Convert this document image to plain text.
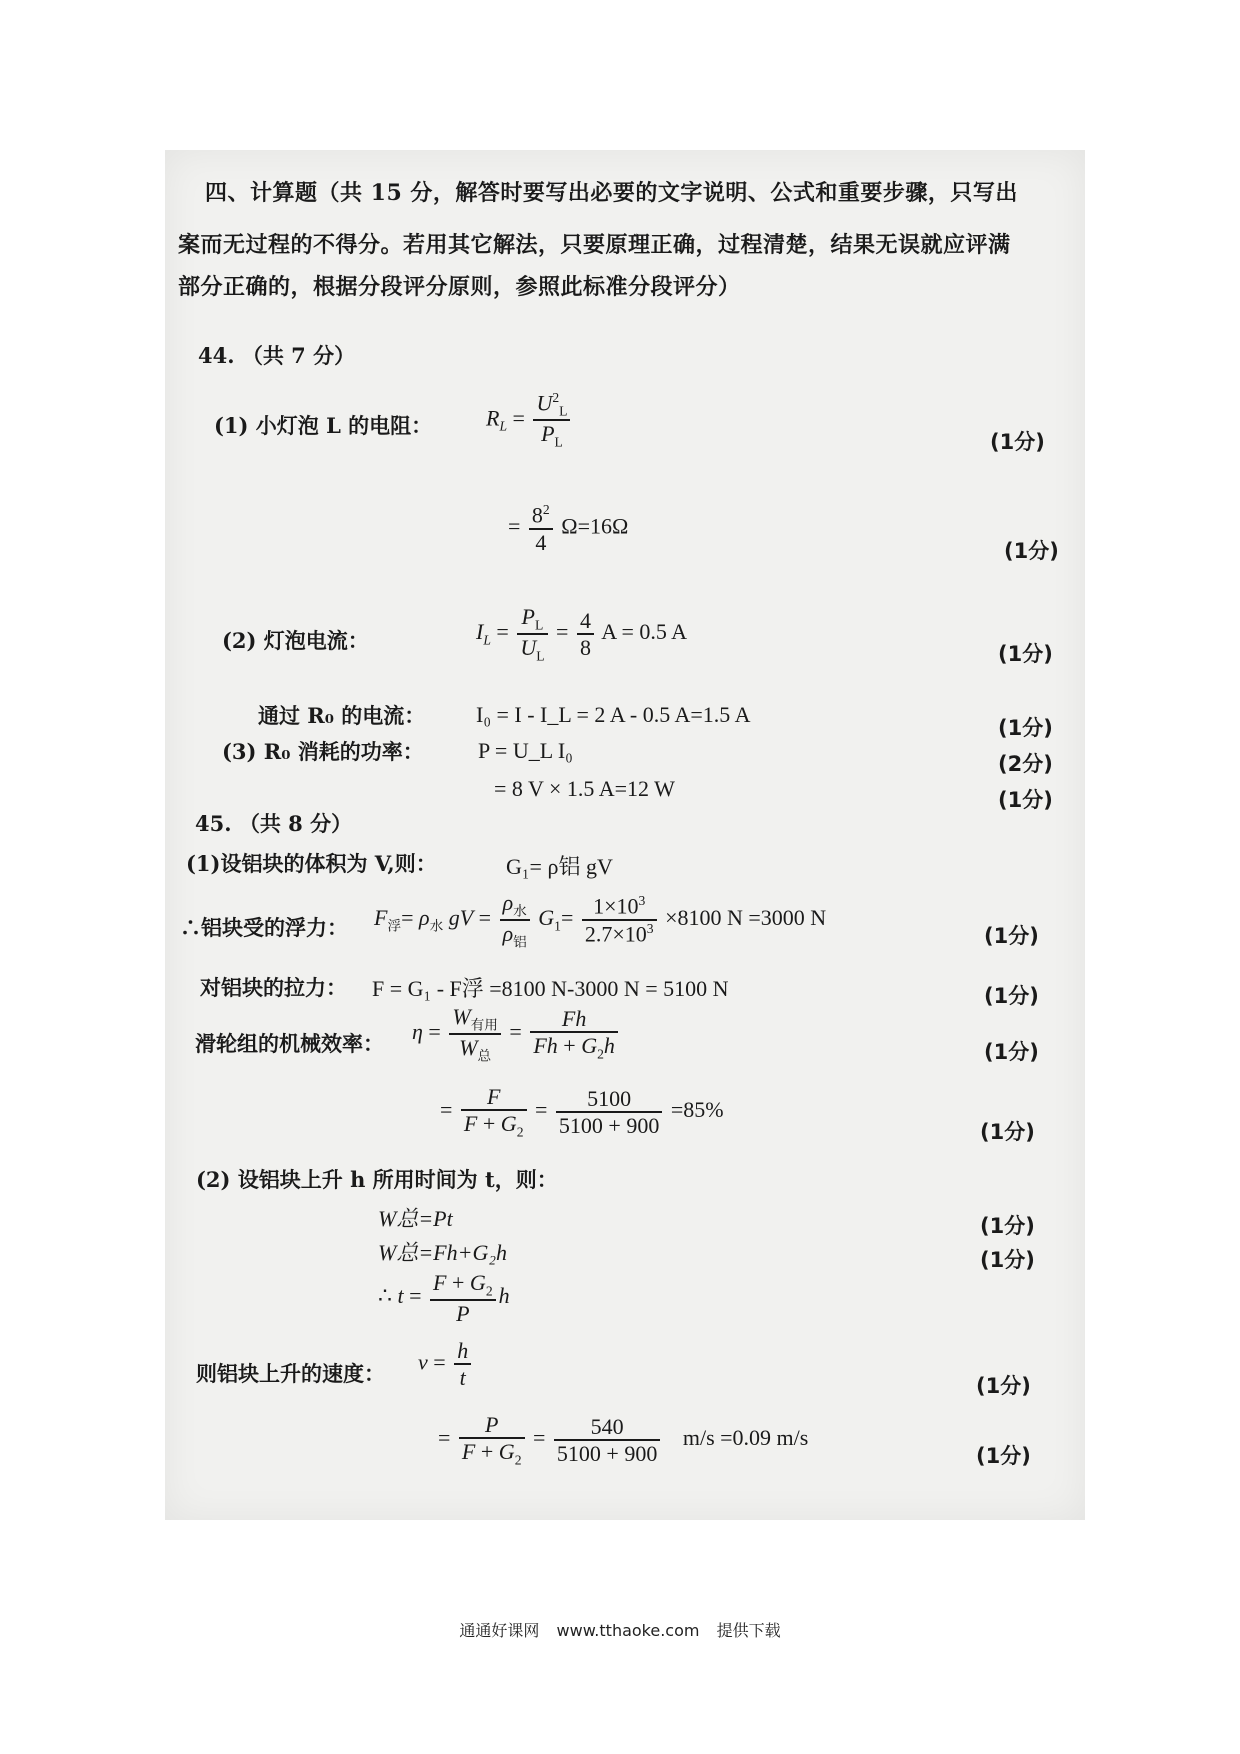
四、计算题（共 15 分，解答时要写出必要的文字说明、公式和重要步骤，只写出
案而无过程的不得分。若用其它解法，只要原理正确，过程清楚，结果无误就应评满
部分正确的，根据分段评分原则，参照此标准分段评分）
44. （共 7 分）
(1) 小灯泡 L 的电阻： $R_L = \frac{U^2_L}{P_L}$	(1分)
= $\frac{8^2}{4} \Omega=16\Omega$
(1分)
(2) 灯泡电流：	$I_L = \frac{P_L}{U_L} = \frac{4}{8}$ A = 0.5 A
(1分)
通过 R₀ 的电流： I₀ = I - I_L = 2 A - 0.5 A=1.5 A
(1分)
(3) R₀ 消耗的功率： P = U_L I₀
(2分)
= 8 V × 1.5 A=12 W	(1分)
45. （共 8 分）
(1)设铝块的体积为 V,则：	G₁= ρ铝 gV
∴铝块受的浮力： $F_浮= \rho_水$ gV = $\frac{\rho_水}{\rho_铝} G_1= \frac{1\times 10^3}{2.7\times 10^3} \times 8100$ N =3000 N
(1分)
对铝块的拉力： F = G₁ - F浮 =8100 N-3000 N = 5100 N	(1分)
滑轮组的机械效率： $\eta = \frac{W_{有用}}{W_总} = \frac{Fh}{Fh + G_2h}$	(1分)
= $\frac{F}{F + G_2} = \frac{5100}{5100 + 900} =85\%$
(1分)
(2) 设铝块上升 h 所用时间为 t，则：
W总=Pt	(1分)
W总=Fh+G₂h	(1分)
∴ $t = \frac{F + G_2}{P}$ h
则铝块上升的速度： $v = \frac{h}{t}$	(1分)
= $\frac{P}{F + G_2} = \frac{540}{5100 + 900} m/s =0.09$ m/s
(1分)
通通好课网 www.tthaoke.com 提供下载
